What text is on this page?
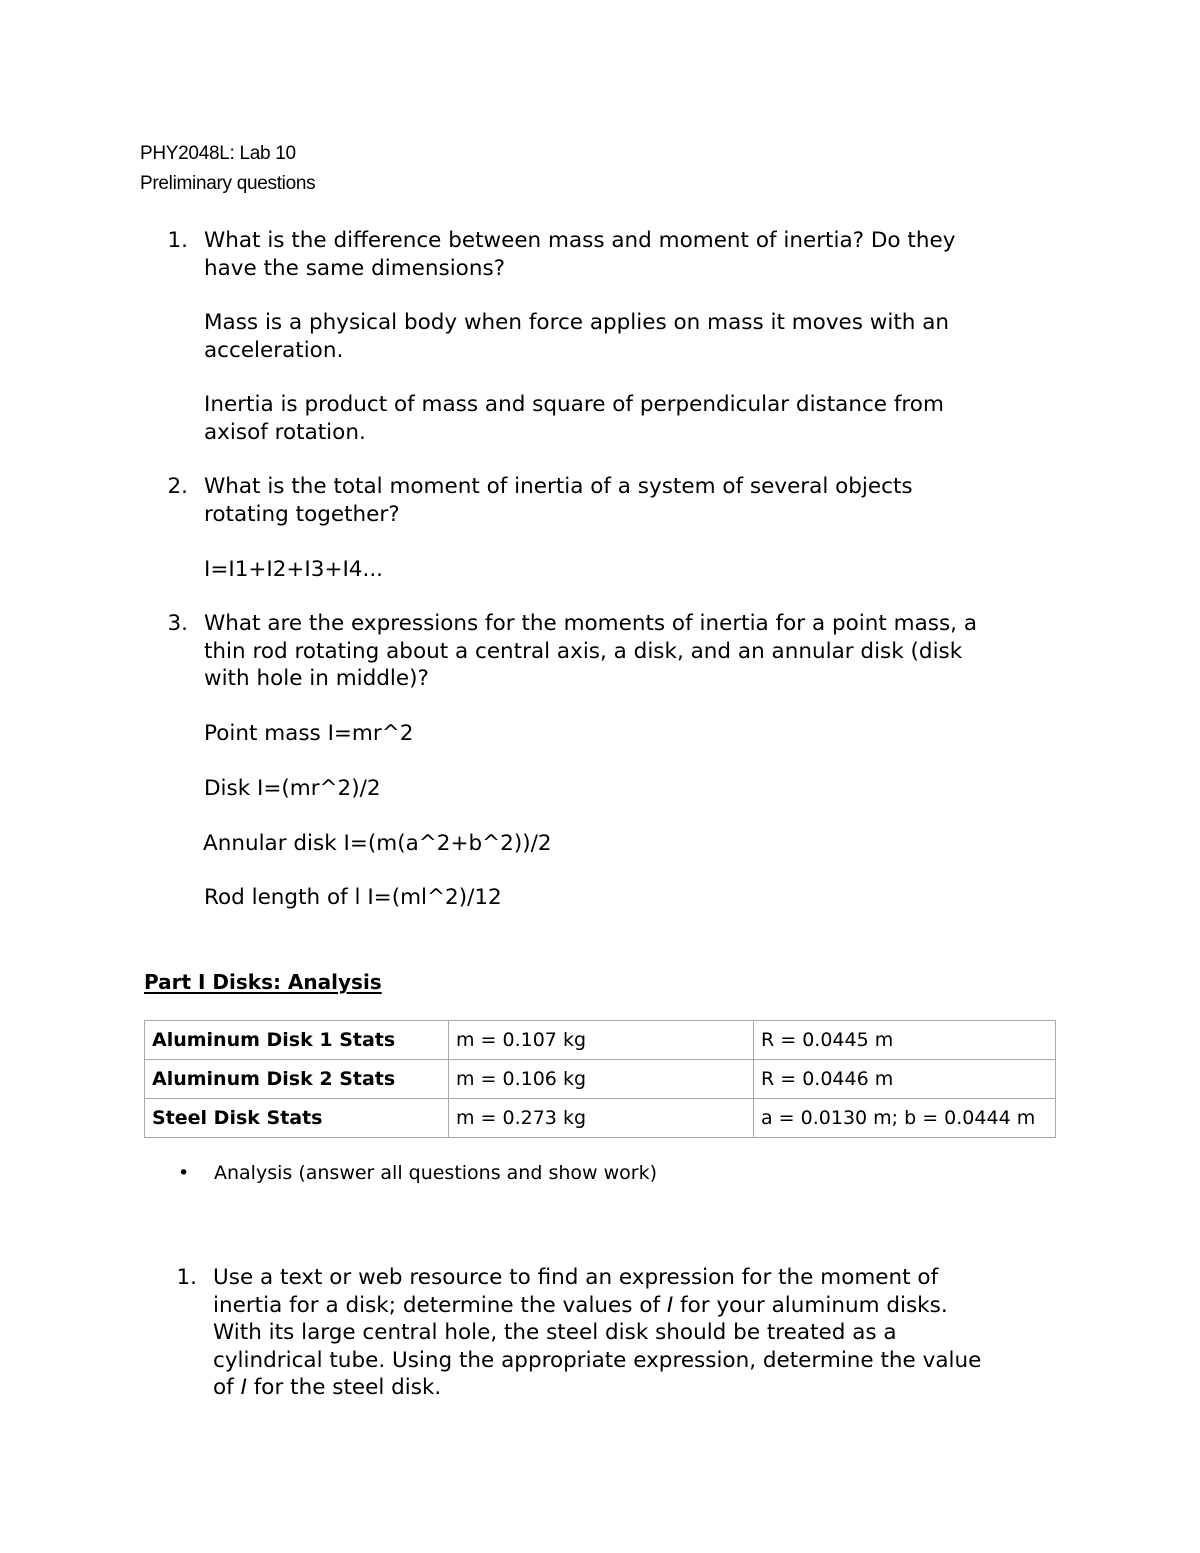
PHY2048L: Lab 10
Preliminary questions
1. What is the difference between mass and moment of inertia? Do they
have the same dimensions?
Mass is a physical body when force applies on mass it moves with an
acceleration.
Inertia is product of mass and square of perpendicular distance from
axisof rotation.
2. What is the total moment of inertia of a system of several objects
rotating together?
I=I1+I2+I3+I4...
3. What are the expressions for the moments of inertia for a point mass, a
thin rod rotating about a central axis, a disk, and an annular disk (disk
with hole in middle)?
Point mass I=mr^2
Disk I=(mr^2)/2
Annular disk I=(m(a^2+b^2))/2
Rod length of l I=(ml^2)/12
Part I Disks: Analysis
Aluminum Disk 1 Stats	m = 0.107 kg	R = 0.0445 m
Aluminum Disk 2 Stats	m = 0.106 kg	R = 0.0446 m
Steel Disk Stats	m = 0.273 kg	a = 0.0130 m; b = 0.0444 m
• Analysis (answer all questions and show work)
1. Use a text or web resource to find an expression for the moment of
inertia for a disk; determine the values of I for your aluminum disks.
With its large central hole, the steel disk should be treated as a
cylindrical tube. Using the appropriate expression, determine the value
of I for the steel disk.
